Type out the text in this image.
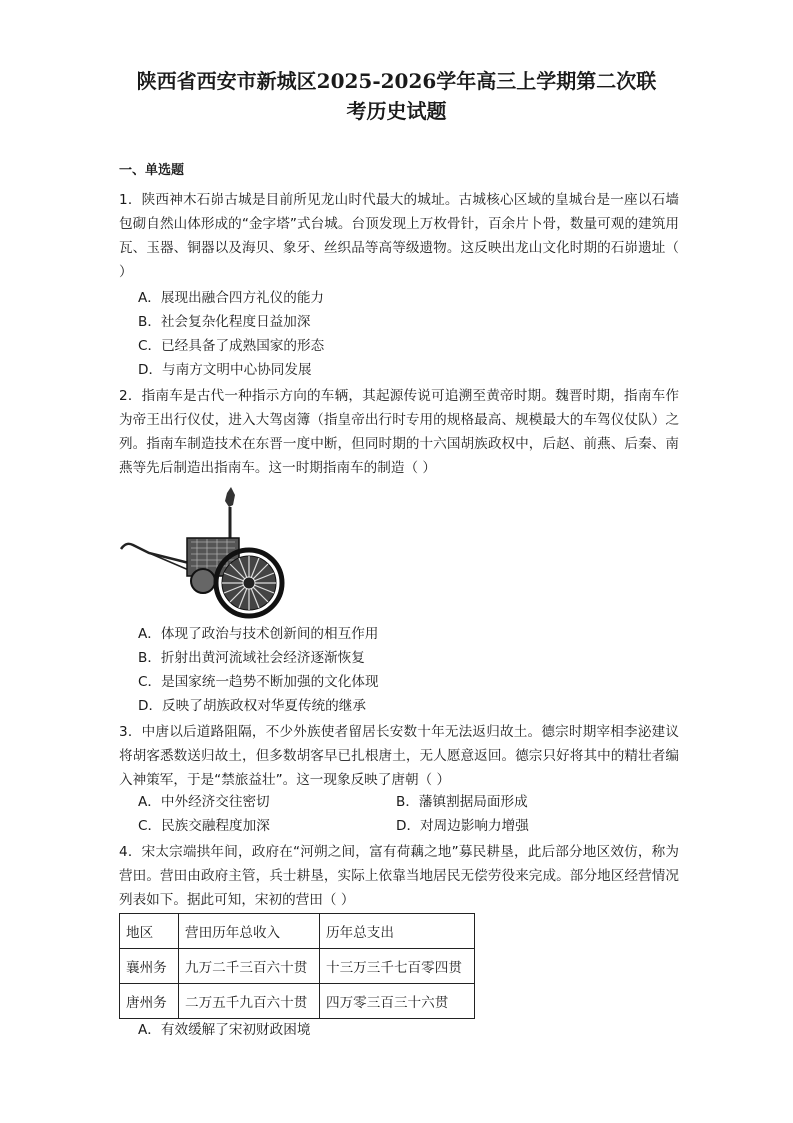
陕西省西安市新城区2025-2026学年高三上学期第二次联
考历史试题
一、单选题
1．陕西神木石峁古城是目前所见龙山时代最大的城址。古城核心区域的皇城台是一座以石墙包砌自然山体形成的“金字塔”式台城。台顶发现上万枚骨针，百余片卜骨，数量可观的建筑用瓦、玉器、铜器以及海贝、象牙、丝织品等高等级遗物。这反映出龙山文化时期的石峁遗址（ ）
A．展现出融合四方礼仪的能力
B．社会复杂化程度日益加深
C．已经具备了成熟国家的形态
D．与南方文明中心协同发展
2．指南车是古代一种指示方向的车辆，其起源传说可追溯至黄帝时期。魏晋时期，指南车作为帝王出行仪仗，进入大驾卤簿（指皇帝出行时专用的规格最高、规模最大的车驾仪仗队）之列。指南车制造技术在东晋一度中断，但同时期的十六国胡族政权中，后赵、前燕、后秦、南燕等先后制造出指南车。这一时期指南车的制造（ ）
A．体现了政治与技术创新间的相互作用
B．折射出黄河流域社会经济逐渐恢复
C．是国家统一趋势不断加强的文化体现
D．反映了胡族政权对华夏传统的继承
3．中唐以后道路阻隔，不少外族使者留居长安数十年无法返归故土。德宗时期宰相李泌建议将胡客悉数送归故土，但多数胡客早已扎根唐土，无人愿意返回。德宗只好将其中的精壮者编入神策军，于是“禁旅益壮”。这一现象反映了唐朝（ ）
A．中外经济交往密切	B．藩镇割据局面形成
C．民族交融程度加深	D．对周边影响力增强
4．宋太宗端拱年间，政府在“河朔之间，富有荷藕之地”募民耕垦，此后部分地区效仿，称为营田。营田由政府主管，兵士耕垦，实际上依靠当地居民无偿劳役来完成。部分地区经营情况列表如下。据此可知，宋初的营田（ ）
地区	营田历年总收入	历年总支出
襄州务	九万二千三百六十贯	十三万三千七百零四贯
唐州务	二万五千九百六十贯	四万零三百三十六贯
A．有效缓解了宋初财政困境
